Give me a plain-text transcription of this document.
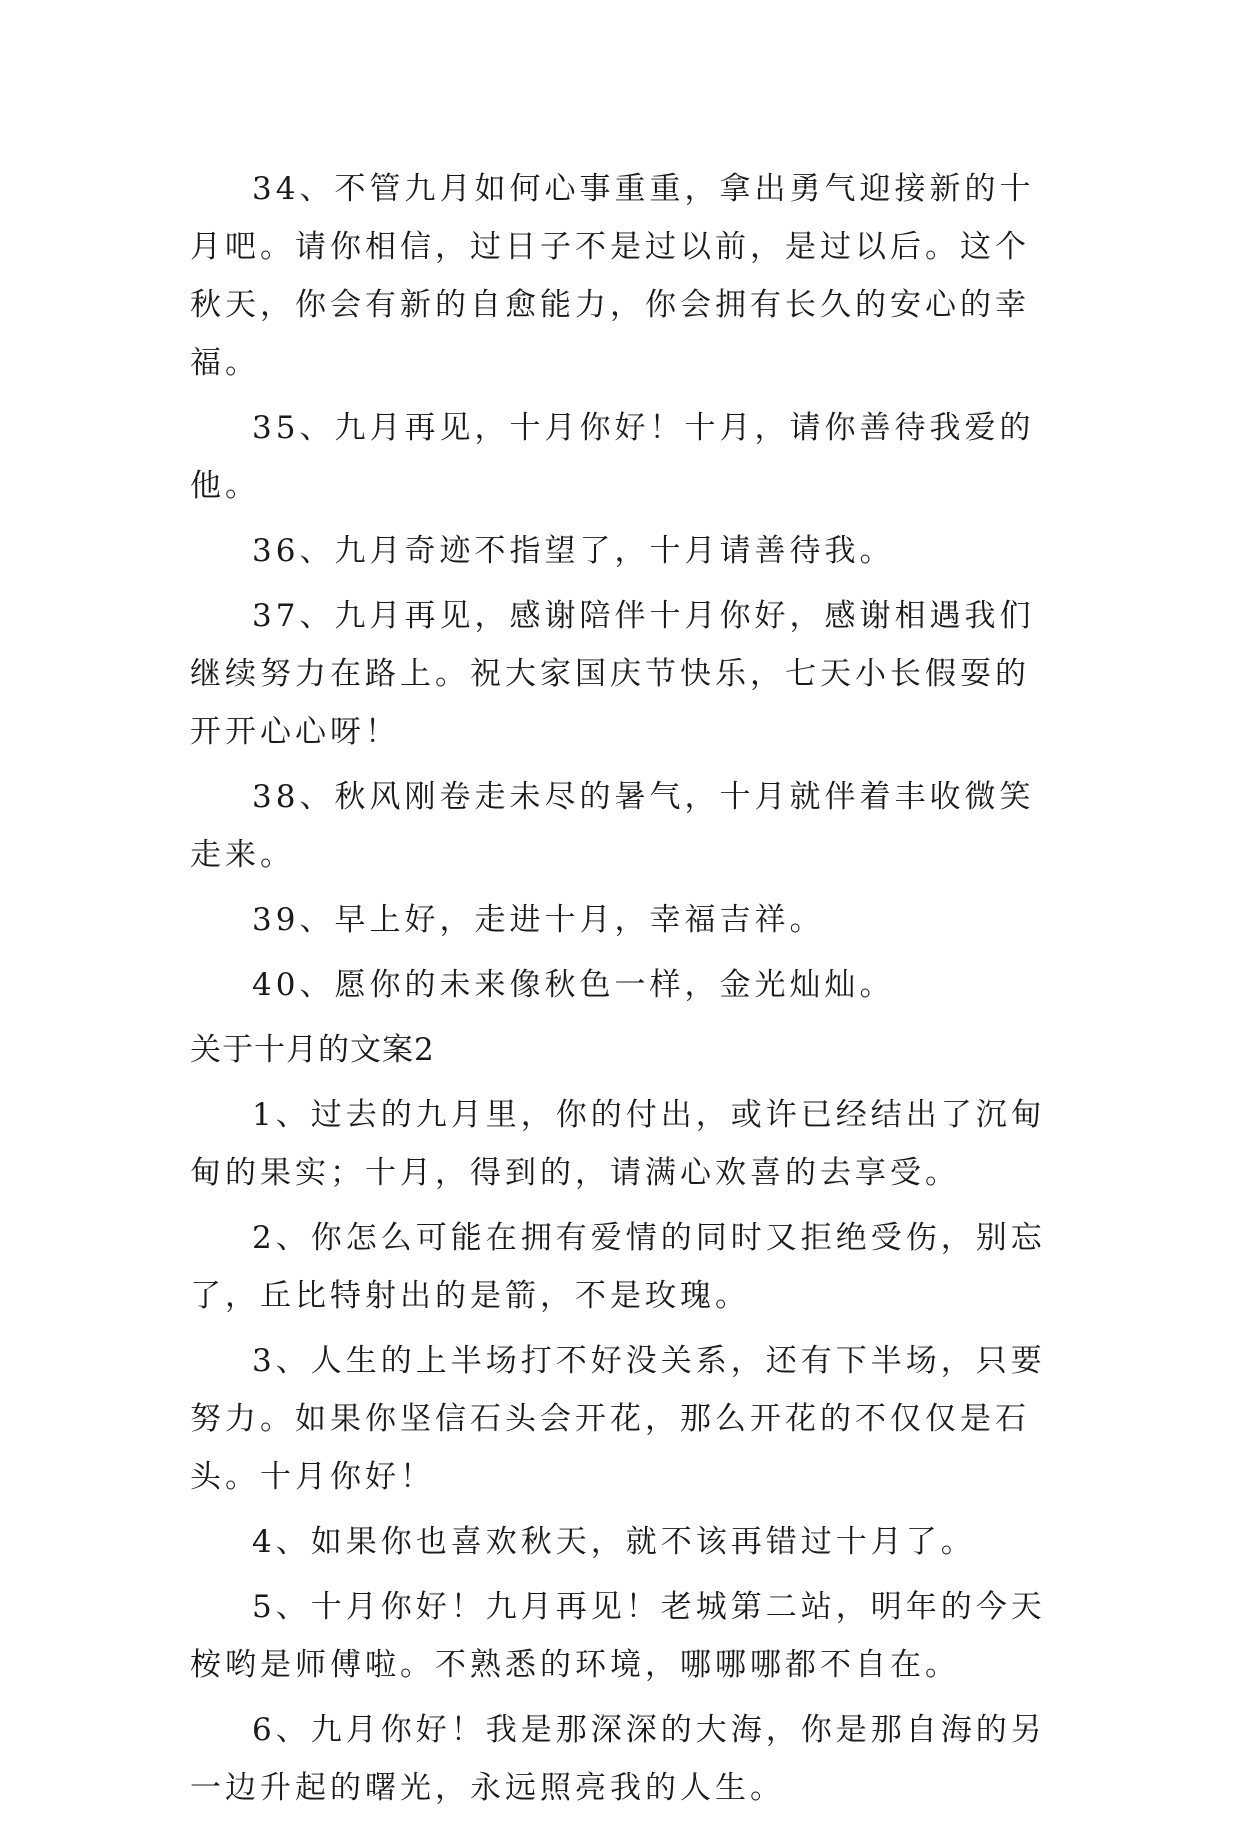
34、不管九月如何心事重重，拿出勇气迎接新的十月吧。请你相信，过日子不是过以前，是过以后。这个秋天，你会有新的自愈能力，你会拥有长久的安心的幸福。

35、九月再见，十月你好！十月，请你善待我爱的他。

36、九月奇迹不指望了，十月请善待我。

37、九月再见，感谢陪伴十月你好，感谢相遇我们继续努力在路上。祝大家国庆节快乐，七天小长假耍的开开心心呀！

38、秋风刚卷走未尽的暑气，十月就伴着丰收微笑走来。

39、早上好，走进十月，幸福吉祥。

40、愿你的未来像秋色一样，金光灿灿。

关于十月的文案2

1、过去的九月里，你的付出，或许已经结出了沉甸甸的果实；十月，得到的，请满心欢喜的去享受。

2、你怎么可能在拥有爱情的同时又拒绝受伤，别忘了，丘比特射出的是箭，不是玫瑰。

3、人生的上半场打不好没关系，还有下半场，只要努力。如果你坚信石头会开花，那么开花的不仅仅是石头。十月你好！

4、如果你也喜欢秋天，就不该再错过十月了。

5、十月你好！九月再见！老城第二站，明年的今天桉哟是师傅啦。不熟悉的环境，哪哪哪都不自在。

6、九月你好！我是那深深的大海，你是那自海的另一边升起的曙光，永远照亮我的人生。
